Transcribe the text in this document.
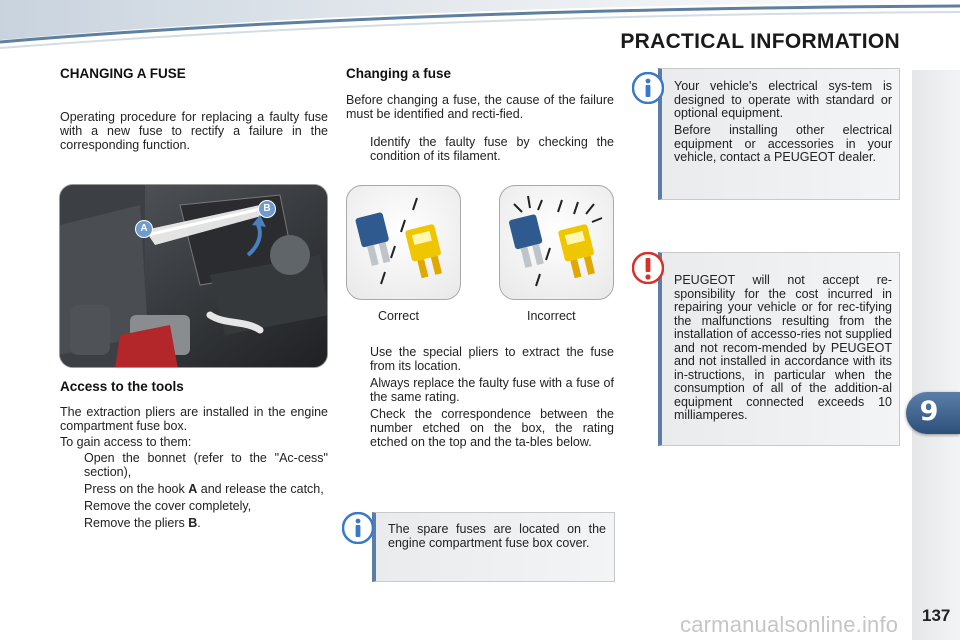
PRACTICAL INFORMATION
9
CHANGING A FUSE
Operating procedure for replacing a faulty fuse with a new fuse to rectify a failure in the corresponding function.
A
B
Access to the tools
The extraction pliers are installed in the engine compartment fuse box.
To gain access to them:
Open the bonnet (refer to the "Ac-cess" section),
Press on the hook A and release the catch,
Remove the cover completely,
Remove the pliers B.
Changing a fuse
Before changing a fuse, the cause of the failure must be identified and recti-fied.
Identify the faulty fuse by checking the condition of its filament.
Correct	Incorrect
Use the special pliers to extract the fuse from its location.
Always replace the faulty fuse with a fuse of the same rating.
Check the correspondence between the number etched on the box, the rating etched on the top and the ta-bles below.
The spare fuses are located on the engine compartment fuse box cover.
Your vehicle's electrical sys-tem is designed to operate with standard or optional equipment.
Before installing other electrical equipment or accessories in your vehicle, contact a PEUGEOT dealer.
PEUGEOT will not accept re-sponsibility for the cost incurred in repairing your vehicle or for rec-tifying the malfunctions resulting from the installation of accesso-ries not supplied and not recom-mended by PEUGEOT and not installed in accordance with its in-structions, in particular when the consumption of all of the addition-al equipment connected exceeds 10 milliamperes.
137
carmanualsonline.info
